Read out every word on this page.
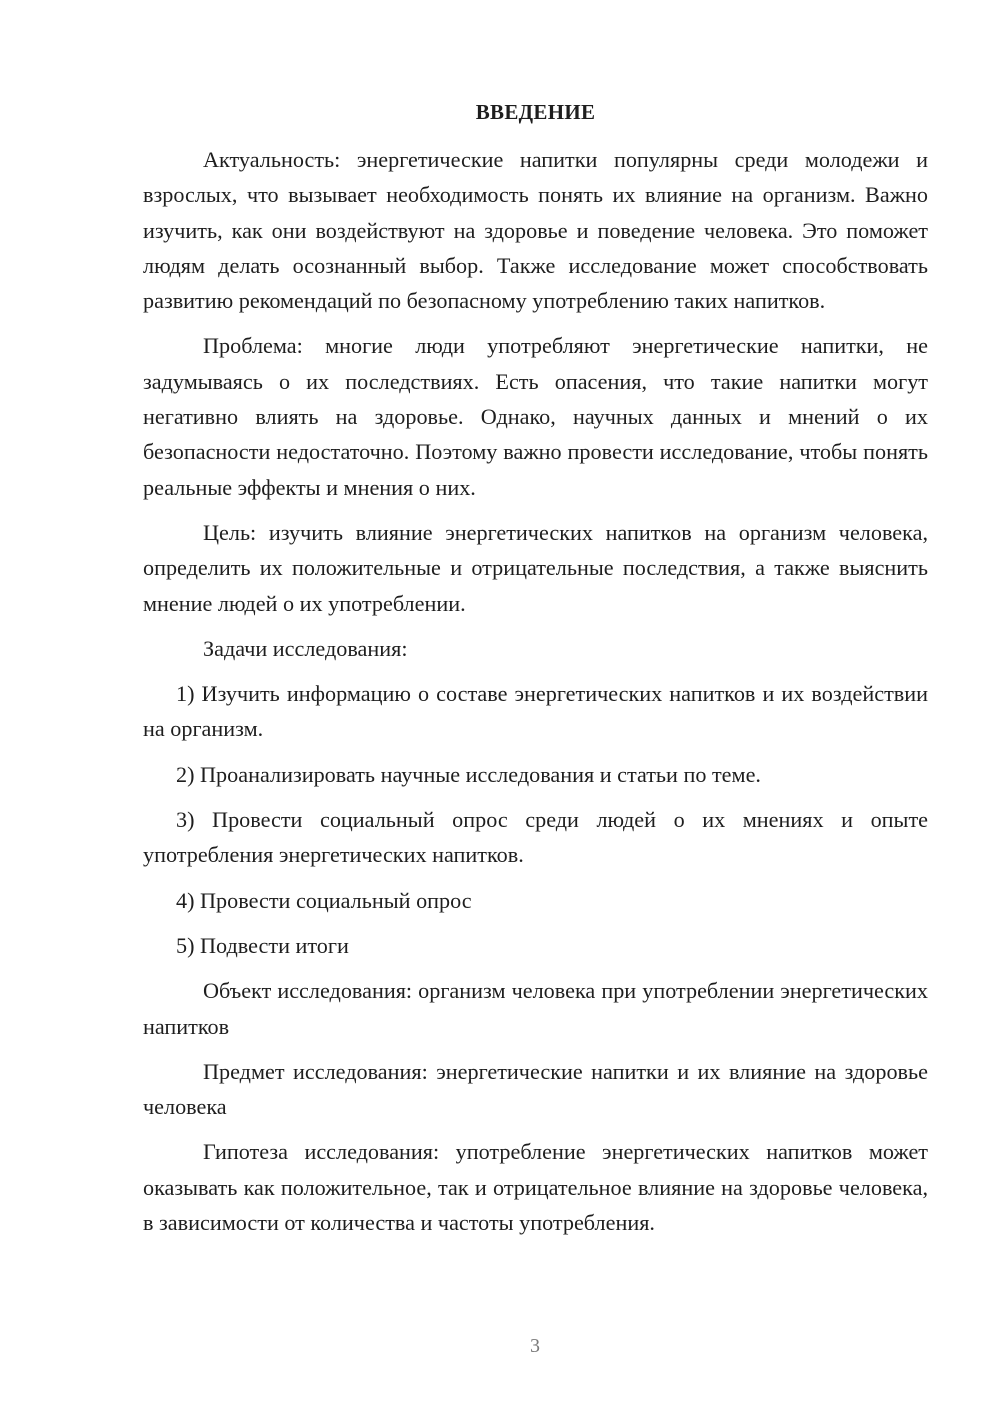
ВВЕДЕНИЕ

Актуальность: энергетические напитки популярны среди молодежи и взрослых, что вызывает необходимость понять их влияние на организм. Важно изучить, как они воздействуют на здоровье и поведение человека. Это поможет людям делать осознанный выбор. Также исследование может способствовать развитию рекомендаций по безопасному употреблению таких напитков.

Проблема: многие люди употребляют энергетические напитки, не задумываясь о их последствиях. Есть опасения, что такие напитки могут негативно влиять на здоровье. Однако, научных данных и мнений о их безопасности недостаточно. Поэтому важно провести исследование, чтобы понять реальные эффекты и мнения о них.

Цель: изучить влияние энергетических напитков на организм человека, определить их положительные и отрицательные последствия, а также выяснить мнение людей о их употреблении.

Задачи исследования:

1) Изучить информацию о составе энергетических напитков и их воздействии на организм.

2) Проанализировать научные исследования и статьи по теме.

3) Провести социальный опрос среди людей о их мнениях и опыте употребления энергетических напитков.

4) Провести социальный опрос

5) Подвести итоги

Объект исследования: организм человека при употреблении энергетических напитков

Предмет исследования: энергетические напитки и их влияние на здоровье человека

Гипотеза исследования: употребление энергетических напитков может оказывать как положительное, так и отрицательное влияние на здоровье человека, в зависимости от количества и частоты употребления.

3
